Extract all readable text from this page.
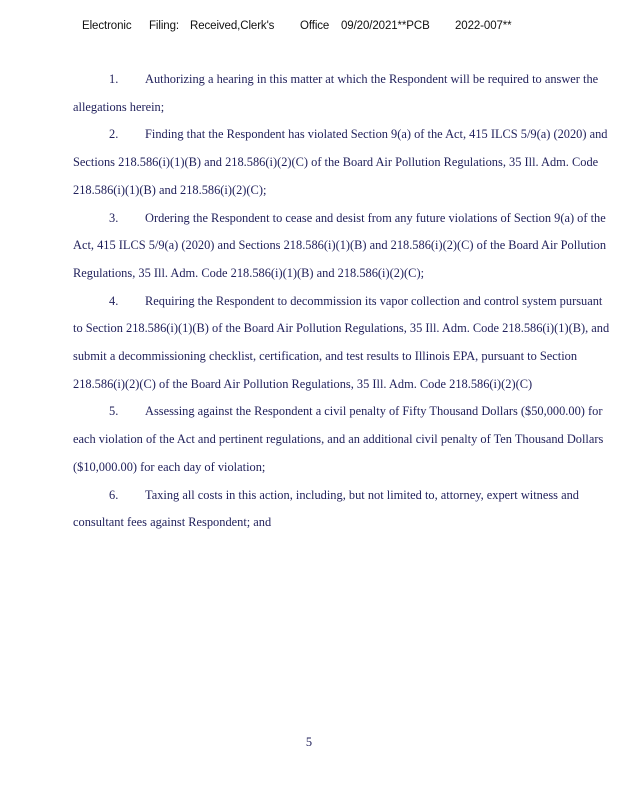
Electronic Filing: Received,Clerk's Office 09/20/2021**PCB 2022-007**

1. Authorizing a hearing in this matter at which the Respondent will be required to answer the allegations herein;

2. Finding that the Respondent has violated Section 9(a) of the Act, 415 ILCS 5/9(a) (2020) and Sections 218.586(i)(1)(B) and 218.586(i)(2)(C) of the Board Air Pollution Regulations, 35 Ill. Adm. Code 218.586(i)(1)(B) and 218.586(i)(2)(C);

3. Ordering the Respondent to cease and desist from any future violations of Section 9(a) of the Act, 415 ILCS 5/9(a) (2020) and Sections 218.586(i)(1)(B) and 218.586(i)(2)(C) of the Board Air Pollution Regulations, 35 Ill. Adm. Code 218.586(i)(1)(B) and 218.586(i)(2)(C);

4. Requiring the Respondent to decommission its vapor collection and control system pursuant to Section 218.586(i)(1)(B) of the Board Air Pollution Regulations, 35 Ill. Adm. Code 218.586(i)(1)(B), and submit a decommissioning checklist, certification, and test results to Illinois EPA, pursuant to Section 218.586(i)(2)(C) of the Board Air Pollution Regulations, 35 Ill. Adm. Code 218.586(i)(2)(C)

5. Assessing against the Respondent a civil penalty of Fifty Thousand Dollars ($50,000.00) for each violation of the Act and pertinent regulations, and an additional civil penalty of Ten Thousand Dollars ($10,000.00) for each day of violation;

6. Taxing all costs in this action, including, but not limited to, attorney, expert witness and consultant fees against Respondent; and

5
